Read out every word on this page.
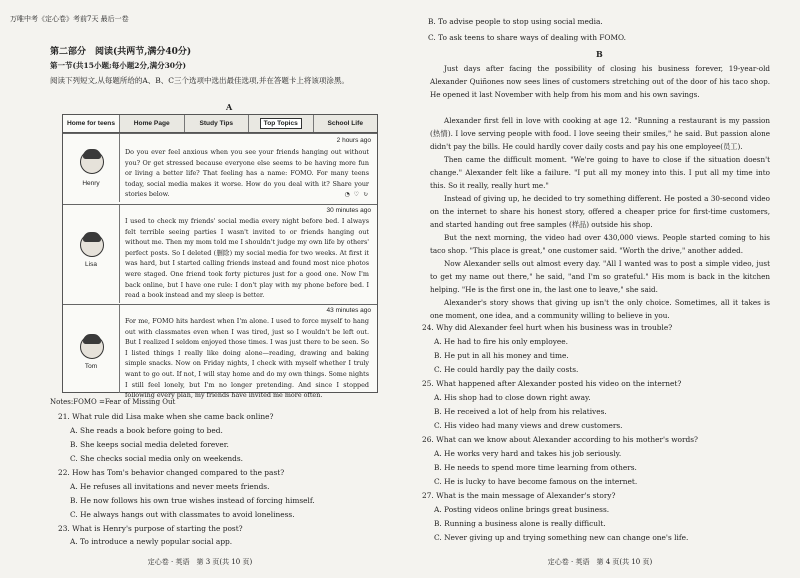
万唯中考《定心卷》考前7天 最后一卷
第二部分　阅读(共两节,满分40分)
第一节(共15小题;每小题2分,满分30分)
阅读下列短文,从每题所给的A、B、C三个选项中选出最佳选项,并在答题卡上将该项涂黑。
A
Home for teens	Home Page	Study Tips	Top Topics	School Life
Henry
2 hours ago
Do you ever feel anxious when you see your friends hanging out without you? Or get stressed because everyone else seems to be having more fun or living a better life? That feeling has a name: FOMO. For many teens today, social media makes it worse. How do you deal with it? Share your stories below.	◔ ♡ ↻
Lisa
30 minutes ago
I used to check my friends' social media every night before bed. I always felt terrible seeing parties I wasn't invited to or friends hanging out without me. Then my mom told me I shouldn't judge my own life by others' perfect posts. So I deleted (删除) my social media for two weeks. At first it was hard, but I started calling friends instead and found most nice photos were staged. One friend took forty pictures just for a good one. Now I'm back online, but I have one rule: I don't play with my phone before bed. I read a book instead and my sleep is better.
Tom
43 minutes ago
For me, FOMO hits hardest when I'm alone. I used to force myself to hang out with classmates even when I was tired, just so I wouldn't be left out. But I realized I seldom enjoyed those times. I was just there to be seen. So I listed things I really like doing alone—reading, drawing and baking simple snacks. Now on Friday nights, I check with myself whether I truly want to go out. If not, I will stay home and do my own things. Some nights I still feel lonely, but I'm no longer pretending. And since I stopped following every plan, my friends have invited me more often.
Notes:FOMO =Fear of Missing Out
21. What rule did Lisa make when she came back online?
A. She reads a book before going to bed.
B. She keeps social media deleted forever.
C. She checks social media only on weekends.
22. How has Tom's behavior changed compared to the past?
A. He refuses all invitations and never meets friends.
B. He now follows his own true wishes instead of forcing himself.
C. He always hangs out with classmates to avoid loneliness.
23. What is Henry's purpose of starting the post?
A. To introduce a newly popular social app.
定心卷 · 英语　第 3 页(共 10 页)
B. To advise people to stop using social media.
C. To ask teens to share ways of dealing with FOMO.
B
Just days after facing the possibility of closing his business forever, 19-year-old Alexander Quiñones now sees lines of customers stretching out of the door of his taco shop. He opened it last November with help from his mom and his own savings.
Alexander first fell in love with cooking at age 12. "Running a restaurant is my passion (热情). I love serving people with food. I love seeing their smiles," he said. But passion alone didn't pay the bills. He could hardly cover daily costs and pay his one employee(员工).
Then came the difficult moment. "We're going to have to close if the situation doesn't change." Alexander felt like a failure. "I put all my money into this. I put all my time into this. So it really, really hurt me."
Instead of giving up, he decided to try something different. He posted a 30-second video on the internet to share his honest story, offered a cheaper price for first-time customers, and started handing out free samples (样品) outside his shop.
But the next morning, the video had over 430,000 views. People started coming to his taco shop. "This place is great," one customer said. "Worth the drive," another added.
Now Alexander sells out almost every day. "All I wanted was to post a simple video, just to get my name out there," he said, "and I'm so grateful." His mom is back in the kitchen helping. "He is the first one in, the last one to leave," she said.
Alexander's story shows that giving up isn't the only choice. Sometimes, all it takes is one moment, one idea, and a community willing to believe in you.
24. Why did Alexander feel hurt when his business was in trouble?
A. He had to fire his only employee.
B. He put in all his money and time.
C. He could hardly pay the daily costs.
25. What happened after Alexander posted his video on the internet?
A. His shop had to close down right away.
B. He received a lot of help from his relatives.
C. His video had many views and drew customers.
26. What can we know about Alexander according to his mother's words?
A. He works very hard and takes his job seriously.
B. He needs to spend more time learning from others.
C. He is lucky to have become famous on the internet.
27. What is the main message of Alexander's story?
A. Posting videos online brings great business.
B. Running a business alone is really difficult.
C. Never giving up and trying something new can change one's life.
定心卷 · 英语　第 4 页(共 10 页)
